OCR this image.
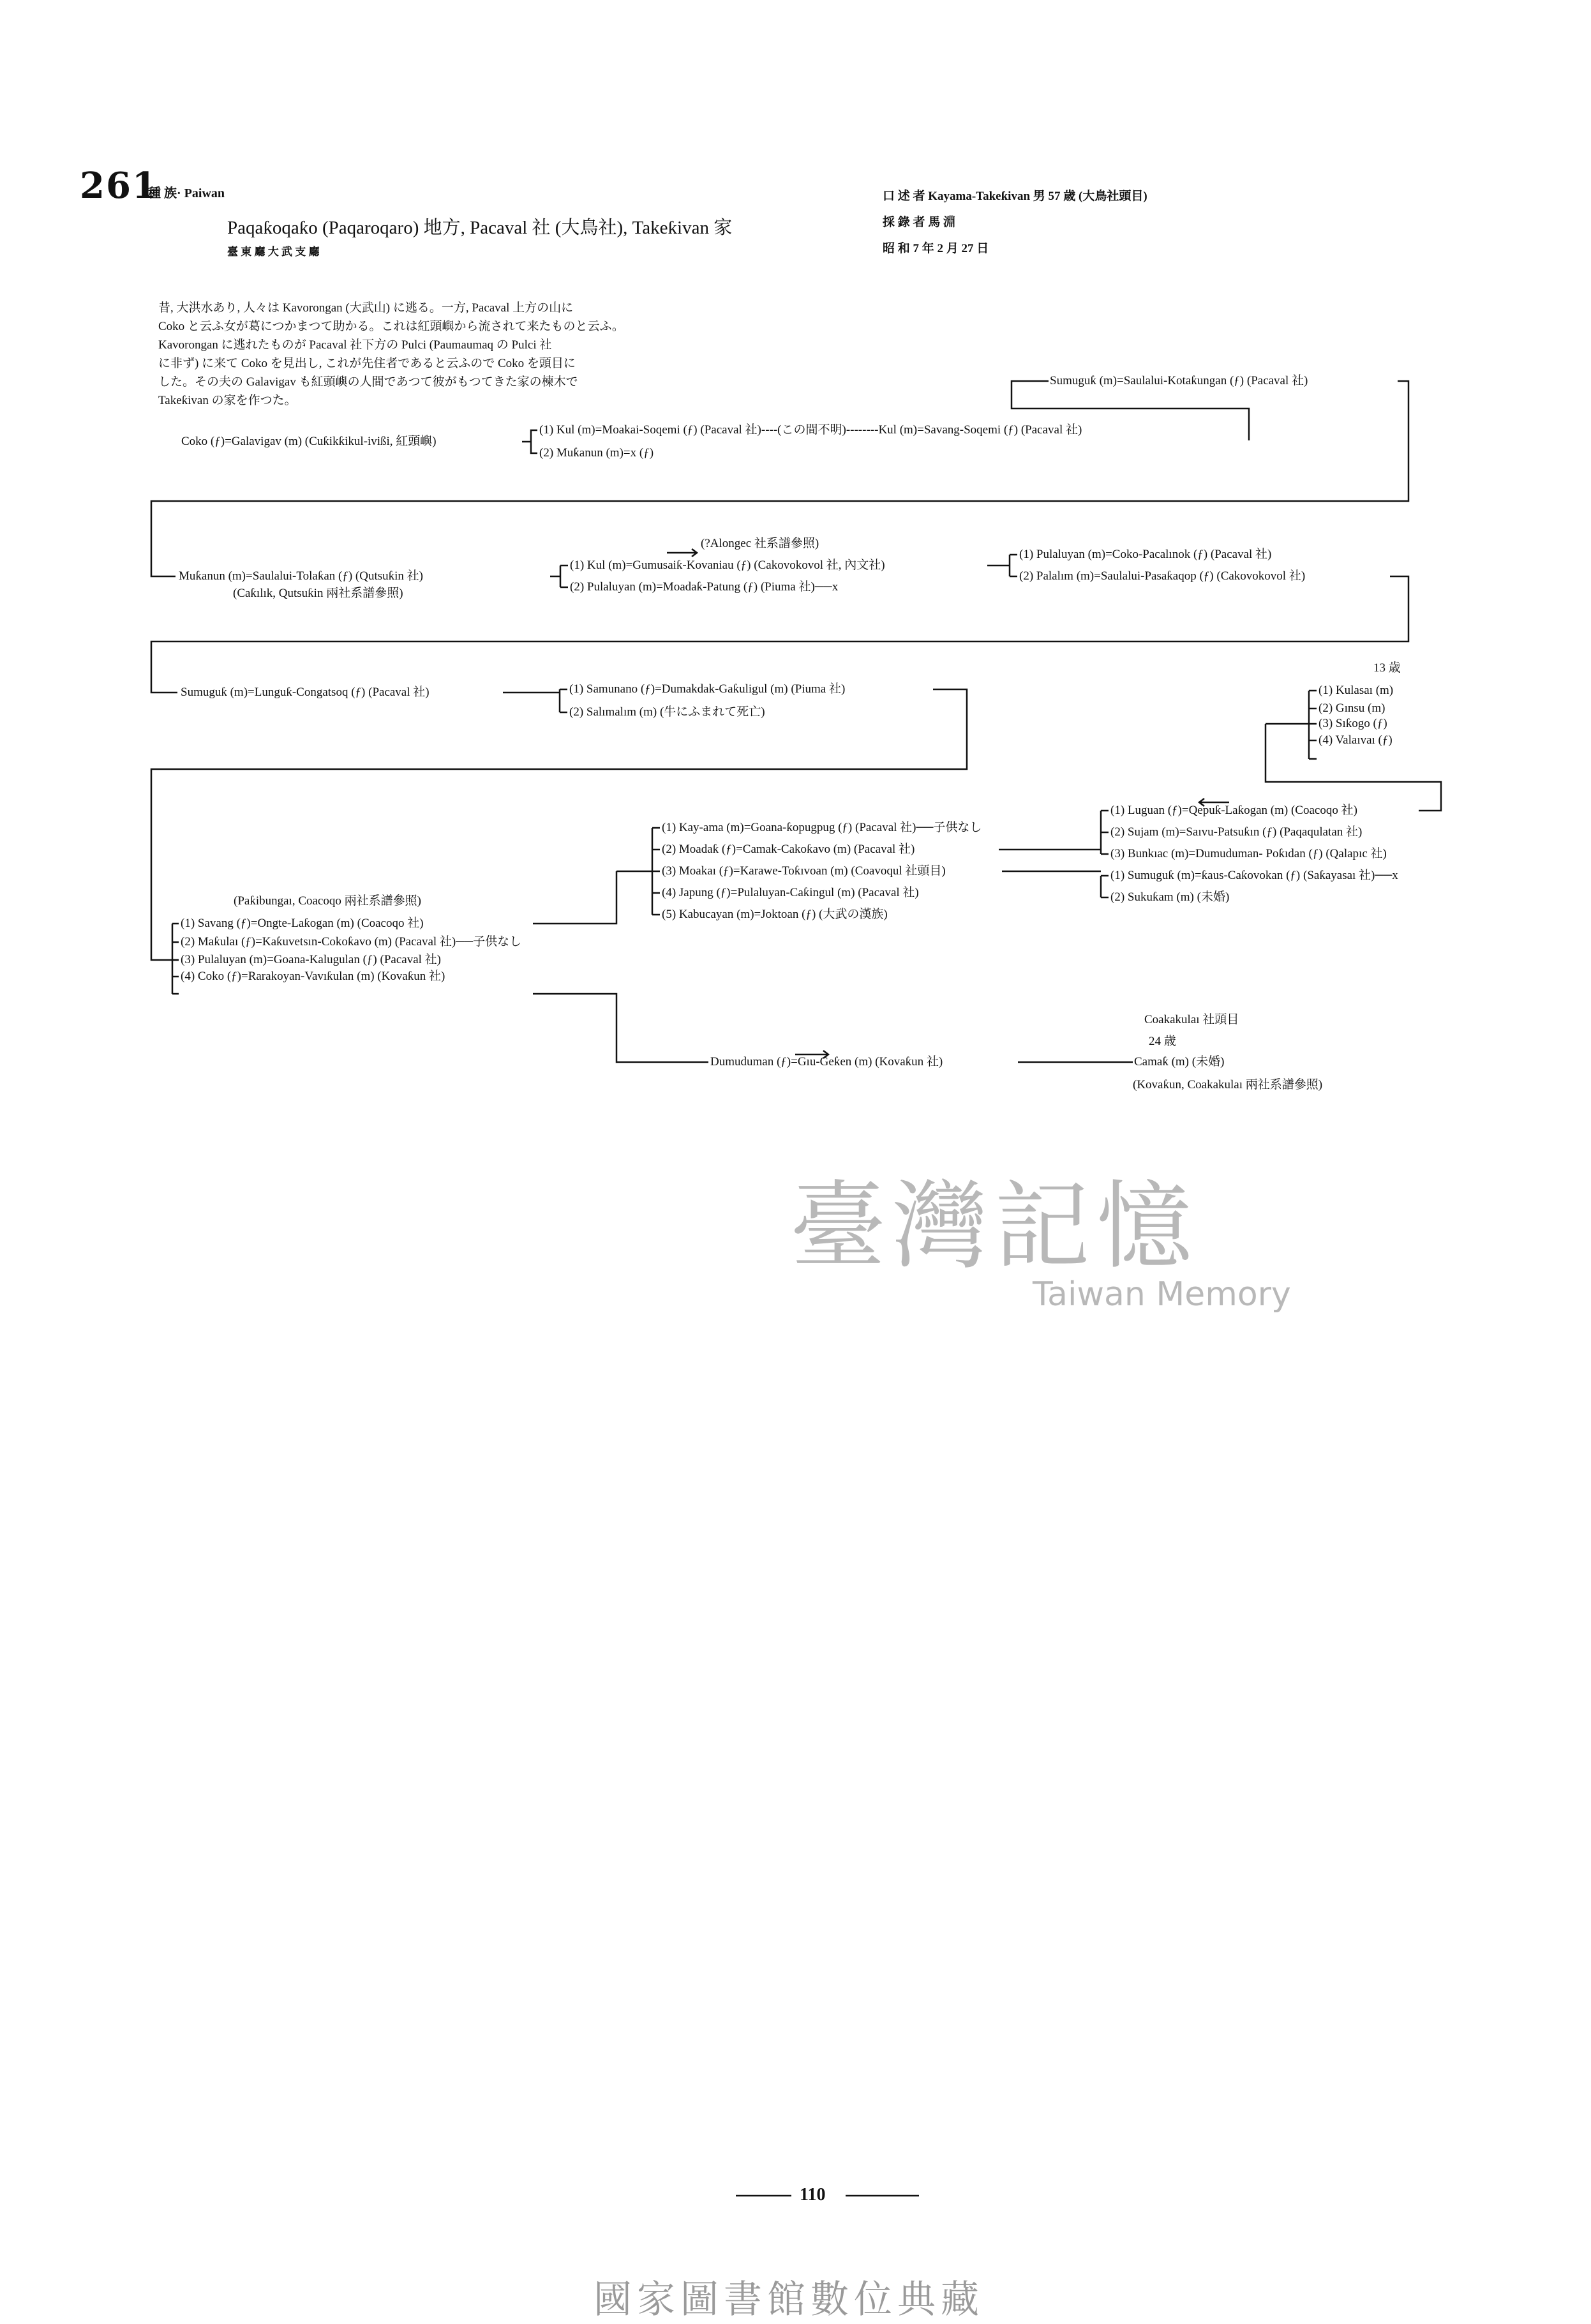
261
種 族· Paiwan
Paqaƙoqaƙo (Paqaroqaro) 地方, Pacaval 社 (大鳥社), Takeƙivan 家
臺 東 廳 大 武 支 廳
口 述 者 Kayama-Takeƙivan 男 57 歳 (大鳥社頭目)
採 錄 者 馬 淵
昭 和 7 年 2 月 27 日
昔, 大洪水あり, 人々は Kavorongan (大武山) に逃る。一方, Pacaval 上方の山に
Coko と云ふ女が葛につかまつて助かる。これは紅頭嶼から流されて来たものと云ふ。
Kavorongan に逃れたものが Pacaval 社下方の Pulci (Paumaumaq の Pulci 社
に非ず) に来て Coko を見出し, これが先住者であると云ふので Coko を頭目に
した。その夫の Galavigav も紅頭嶼の人間であつて彼がもつてきた家の楝木で
Takeƙivan の家を作つた。
Coko (ƒ)=Galavigav (m) (Cuƙikƙikul-ivißi, 紅頭嶼)
(1) Kul (m)=Moakai-Soqemi (ƒ) (Pacaval 社)----(この間不明)--------Kul (m)=Savang-Soqemi (ƒ) (Pacaval 社)
(2) Muƙanun (m)=x (ƒ)
Sumuguƙ (m)=Saulalui-Kotaƙungan (ƒ) (Pacaval 社)
(?Alongec 社系譜參照)
Muƙanun (m)=Saulalui-Tolaƙan (ƒ) (Qutsuƙin 社)
(Caƙılık, Qutsuƙin 兩社系譜參照)
(1) Kul (m)=Gumusaiƙ-Kovaniau (ƒ) (Cakovokovol 社, 內文社)
(2) Pulaluyan (m)=Moadaƙ-Patung (ƒ) (Piuma 社)──x
(1) Pulaluyan (m)=Coko-Pacalınok (ƒ) (Pacaval 社)
(2) Palalım (m)=Saulalui-Pasaƙaqop (ƒ) (Cakovokovol 社)
Sumuguƙ (m)=Lunguƙ-Congatsoq (ƒ) (Pacaval 社)	(1) Samunano (ƒ)=Dumakdak-Gaƙuligul (m) (Piuma 社)
(2) Salımalım (m) (牛にふまれて死亡)
13 歳
(1) Kulasaı (m)
(2) Gınsu (m)
(3) Sıƙogo (ƒ)
(4) Valaıvaı (ƒ)
(Paƙibungaı, Coacoqo 兩社系譜參照)
(1) Savang (ƒ)=Ongte-Laƙogan (m) (Coacoqo 社)
(2) Maƙulaı (ƒ)=Kaƙuvetsın-Cokoƙavo (m) (Pacaval 社)──子供なし
(3) Pulaluyan (m)=Goana-Kalugulan (ƒ) (Pacaval 社)
(4) Coko (ƒ)=Rarakoyan-Vavıƙulan (m) (Kovaƙun 社)
(1) Kay-ama (m)=Goana-ƙopugpug (ƒ) (Pacaval 社)──子供なし
(2) Moadaƙ (ƒ)=Camak-Cakoƙavo (m) (Pacaval 社)
(3) Moakaı (ƒ)=Karawe-Toƙıvoan (m) (Coavoqul 社頭目)
(4) Japung (ƒ)=Pulaluyan-Caƙingul (m) (Pacaval 社)
(5) Kabucayan (m)=Joktoan (ƒ) (大武の漢族)
(1) Luguan (ƒ)=Qepuƙ-Laƙogan (m) (Coacoqo 社)
(2) Sujam (m)=Saıvu-Patsuƙın (ƒ) (Paqaqulatan 社)
(3) Bunkıac (m)=Dumuduman- Poƙıdan (ƒ) (Qalapıc 社)
(1) Sumuguƙ (m)=ƙaus-Caƙovokan (ƒ) (Saƙayasaı 社)──x
(2) Sukuƙam (m) (未婚)
Dumuduman (ƒ)=Gıu-Geƙen (m) (Kovaƙun 社)
Coakakulaı 社頭目
24 歳
Camaƙ (m) (未婚)
(Kovaƙun, Coakakulaı 兩社系譜參照)
臺灣記憶
Taiwan Memory
110
國家圖書館數位典藏
